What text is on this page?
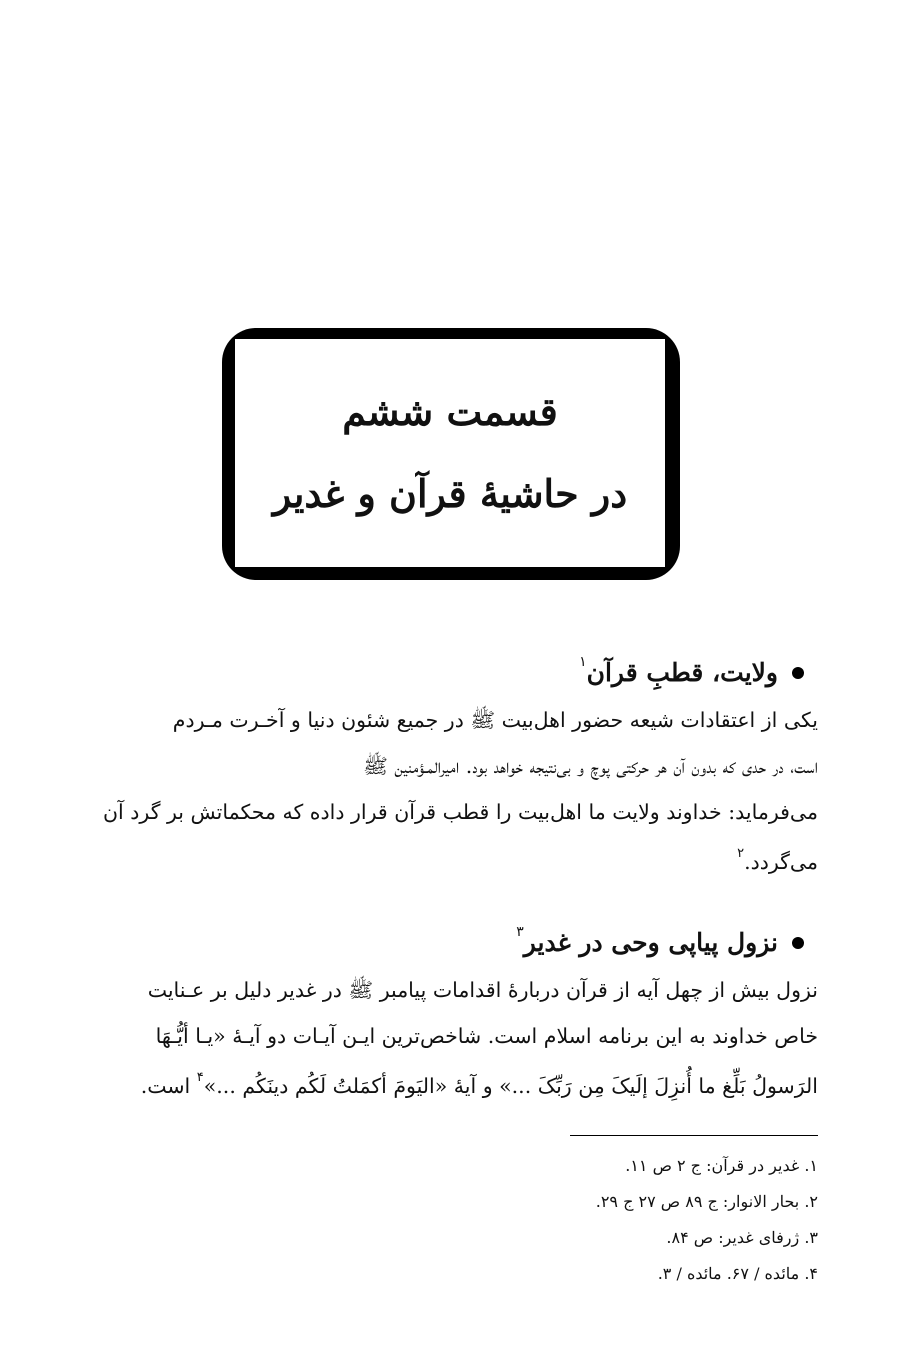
قسمت ششم
در حاشیهٔ قرآن و غدیر
ولایت، قطبِ قرآن$^۱$

یکی از اعتقادات شیعه حضور اهل‌بیت ﷺ در جمیع شئون دنیا و آخـرت مـردم

است، در حدی که بدون آن هر حرکتی پوچ و بی‌نتیجه خواهد بود. امیرالمـؤمنین ﷺ

می‌فرماید: خداوند ولایت ما اهل‌بیت را قطب قرآن قرار داده که محکماتش بر گرد آن

می‌گردد.$^۲$

نزول پیاپی وحی در غدیر$^۳$

نزول بیش از چهل آیه از قرآن دربارهٔ اقدامات پیامبر ﷺ در غدیر دلیل بر عـنایت

خاص خداوند به این برنامه اسلام است. شاخص‌ترین ایـن آیـات دو آیـهٔ «یـا أیُّـهَا

الرَسولُ بَلِّغ ما أُنزِلَ إلَیکَ مِن رَبِّکَ ...» و آیهٔ «الیَومَ أکمَلتُ لَکُم دینَکُم ...»$^۴$ است.

۱. غدیر در قرآن: ج ۲ ص ۱۱.
۲. بحار الانوار: ج ۸۹ ص ۲۷ ج ۲۹.
۳. ژرفای غدیر: ص ۸۴.
۴. مائده / ۶۷. مائده / ۳.
